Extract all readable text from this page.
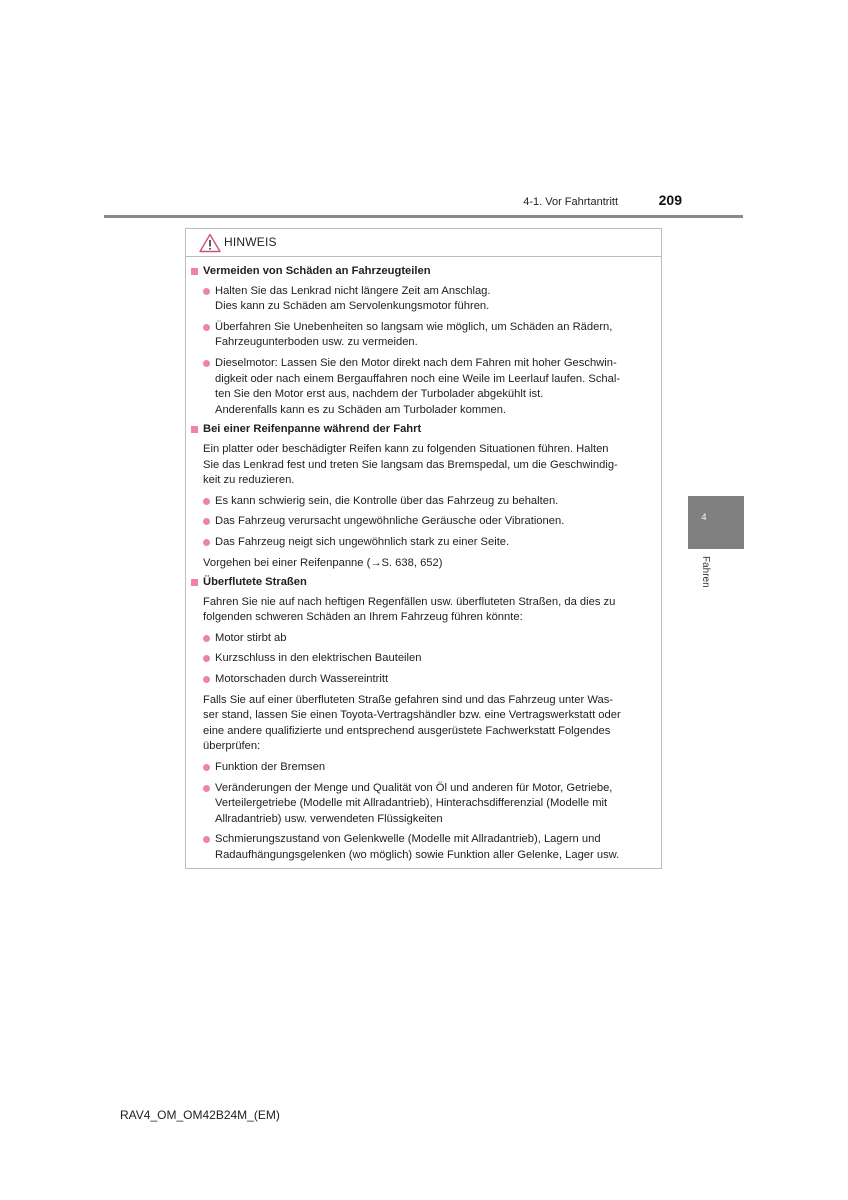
4-1. Vor Fahrtantritt	209
4
Fahren
HINWEIS

Vermeiden von Schäden an Fahrzeugteilen

Halten Sie das Lenkrad nicht längere Zeit am Anschlag.
Dies kann zu Schäden am Servolenkungsmotor führen.

Überfahren Sie Unebenheiten so langsam wie möglich, um Schäden an Rädern,
Fahrzeugunterboden usw. zu vermeiden.

Dieselmotor: Lassen Sie den Motor direkt nach dem Fahren mit hoher Geschwin-
digkeit oder nach einem Bergauffahren noch eine Weile im Leerlauf laufen. Schal-
ten Sie den Motor erst aus, nachdem der Turbolader abgekühlt ist.
Anderenfalls kann es zu Schäden am Turbolader kommen.

Bei einer Reifenpanne während der Fahrt

Ein platter oder beschädigter Reifen kann zu folgenden Situationen führen. Halten
Sie das Lenkrad fest und treten Sie langsam das Bremspedal, um die Geschwindig-
keit zu reduzieren.

Es kann schwierig sein, die Kontrolle über das Fahrzeug zu behalten.

Das Fahrzeug verursacht ungewöhnliche Geräusche oder Vibrationen.

Das Fahrzeug neigt sich ungewöhnlich stark zu einer Seite.

Vorgehen bei einer Reifenpanne (→S. 638, 652)

Überflutete Straßen

Fahren Sie nie auf nach heftigen Regenfällen usw. überfluteten Straßen, da dies zu
folgenden schweren Schäden an Ihrem Fahrzeug führen könnte:

Motor stirbt ab

Kurzschluss in den elektrischen Bauteilen

Motorschaden durch Wassereintritt

Falls Sie auf einer überfluteten Straße gefahren sind und das Fahrzeug unter Was-
ser stand, lassen Sie einen Toyota-Vertragshändler bzw. eine Vertragswerkstatt oder
eine andere qualifizierte und entsprechend ausgerüstete Fachwerkstatt Folgendes
überprüfen:

Funktion der Bremsen

Veränderungen der Menge und Qualität von Öl und anderen für Motor, Getriebe,
Verteilergetriebe (Modelle mit Allradantrieb), Hinterachsdifferenzial (Modelle mit
Allradantrieb) usw. verwendeten Flüssigkeiten

Schmierungszustand von Gelenkwelle (Modelle mit Allradantrieb), Lagern und
Radaufhängungsgelenken (wo möglich) sowie Funktion aller Gelenke, Lager usw.

RAV4_OM_OM42B24M_(EM)
